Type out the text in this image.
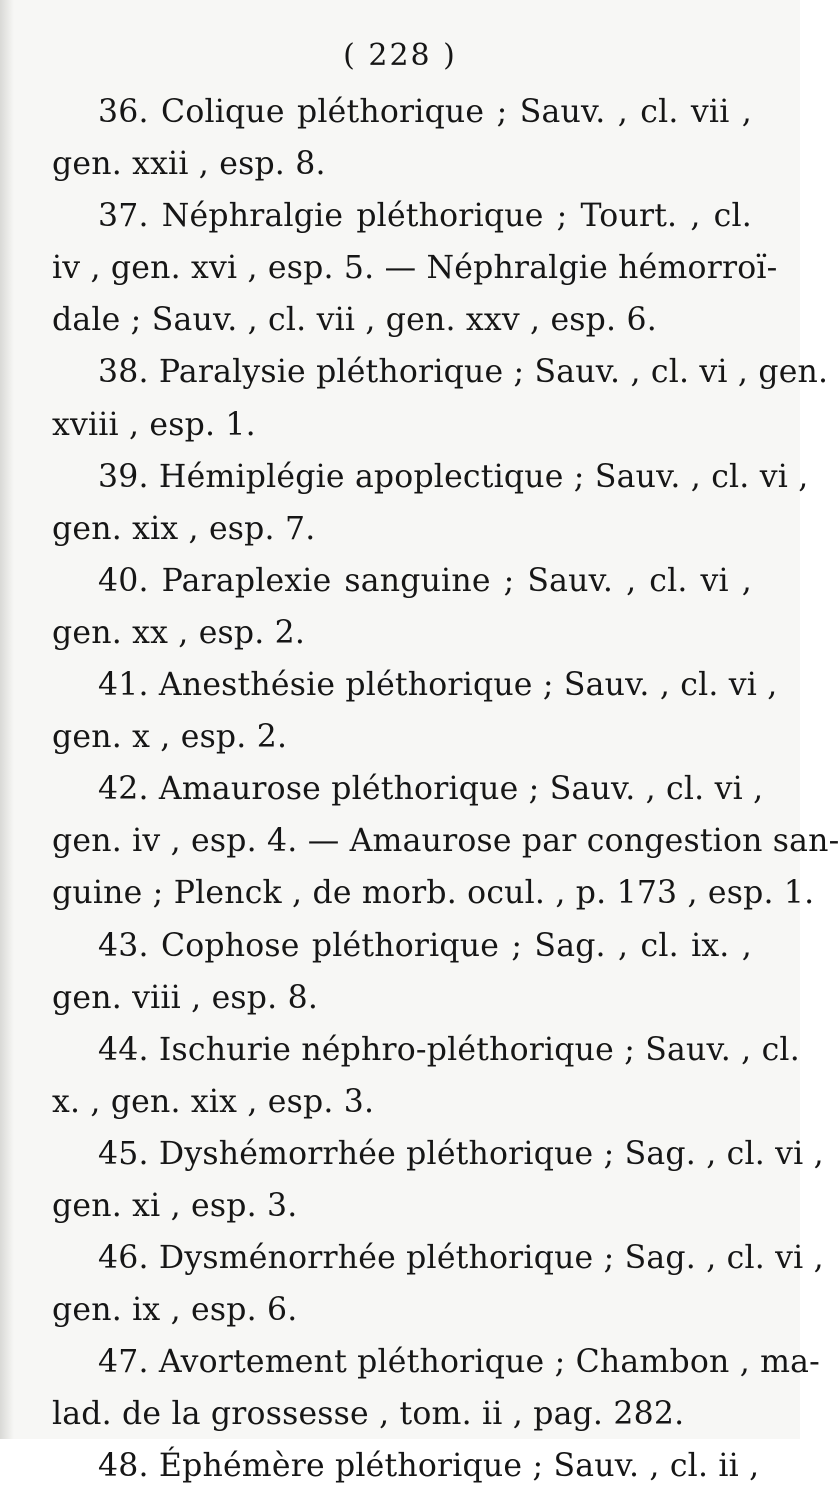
( 228 )
36. Colique pléthorique ; Sauv. , cl. vii ,
gen. xxii , esp. 8.
37. Néphralgie pléthorique ; Tourt. , cl.
iv , gen. xvi , esp. 5. — Néphralgie hémorroï-
dale ; Sauv. , cl. vii , gen. xxv , esp. 6.
38. Paralysie pléthorique ; Sauv. , cl. vi , gen.
xviii , esp. 1.
39. Hémiplégie apoplectique ; Sauv. , cl. vi ,
gen. xix , esp. 7.
40. Paraplexie sanguine ; Sauv. , cl. vi ,
gen. xx , esp. 2.
41. Anesthésie pléthorique ; Sauv. , cl. vi ,
gen. x , esp. 2.
42. Amaurose pléthorique ; Sauv. , cl. vi ,
gen. iv , esp. 4. — Amaurose par congestion san-
guine ; Plenck , de morb. ocul. , p. 173 , esp. 1.
43. Cophose pléthorique ; Sag. , cl. ix. ,
gen. viii , esp. 8.
44. Ischurie néphro-pléthorique ; Sauv. , cl.
x. , gen. xix , esp. 3.
45. Dyshémorrhée pléthorique ; Sag. , cl. vi ,
gen. xi , esp. 3.
46. Dysménorrhée pléthorique ; Sag. , cl. vi ,
gen. ix , esp. 6.
47. Avortement pléthorique ; Chambon , ma-
lad. de la grossesse , tom. ii , pag. 282.
48. Éphémère pléthorique ; Sauv. , cl. ii ,
